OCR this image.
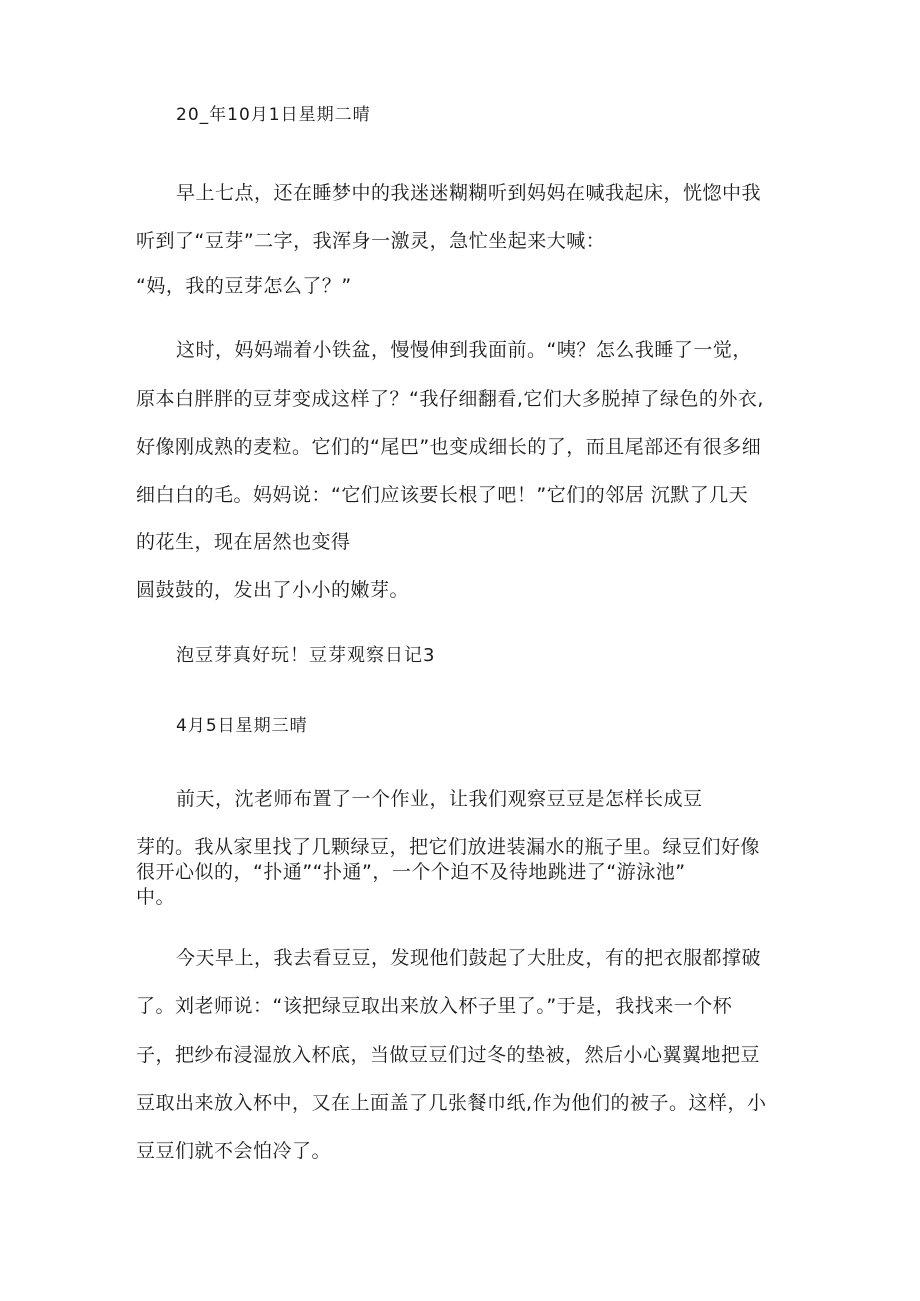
20_年10月1日星期二晴
早上七点，还在睡梦中的我迷迷糊糊听到妈妈在喊我起床，恍惚中我
听到了“豆芽”二字，我浑身一激灵，急忙坐起来大喊：
“妈，我的豆芽怎么了？”
这时，妈妈端着小铁盆，慢慢伸到我面前。“咦？怎么我睡了一觉，
原本白胖胖的豆芽变成这样了？“我仔细翻看,它们大多脱掉了绿色的外衣,
好像刚成熟的麦粒。它们的“尾巴”也变成细长的了，而且尾部还有很多细
细白白的毛。妈妈说：“它们应该要长根了吧！”它们的邻居 沉默了几天
的花生，现在居然也变得
圆鼓鼓的，发出了小小的嫩芽。
泡豆芽真好玩！豆芽观察日记3
4月5日星期三晴
前天，沈老师布置了一个作业，让我们观察豆豆是怎样长成豆
芽的。我从家里找了几颗绿豆，把它们放进装漏水的瓶子里。绿豆们好像
很开心似的，“扑通”“扑通”，一个个迫不及待地跳进了“游泳池”
中。
今天早上，我去看豆豆，发现他们鼓起了大肚皮，有的把衣服都撑破
了。刘老师说：“该把绿豆取出来放入杯子里了。”于是，我找来一个杯
子，把纱布浸湿放入杯底，当做豆豆们过冬的垫被，然后小心翼翼地把豆
豆取出来放入杯中，又在上面盖了几张餐巾纸,作为他们的被子。这样，小
豆豆们就不会怕冷了。
